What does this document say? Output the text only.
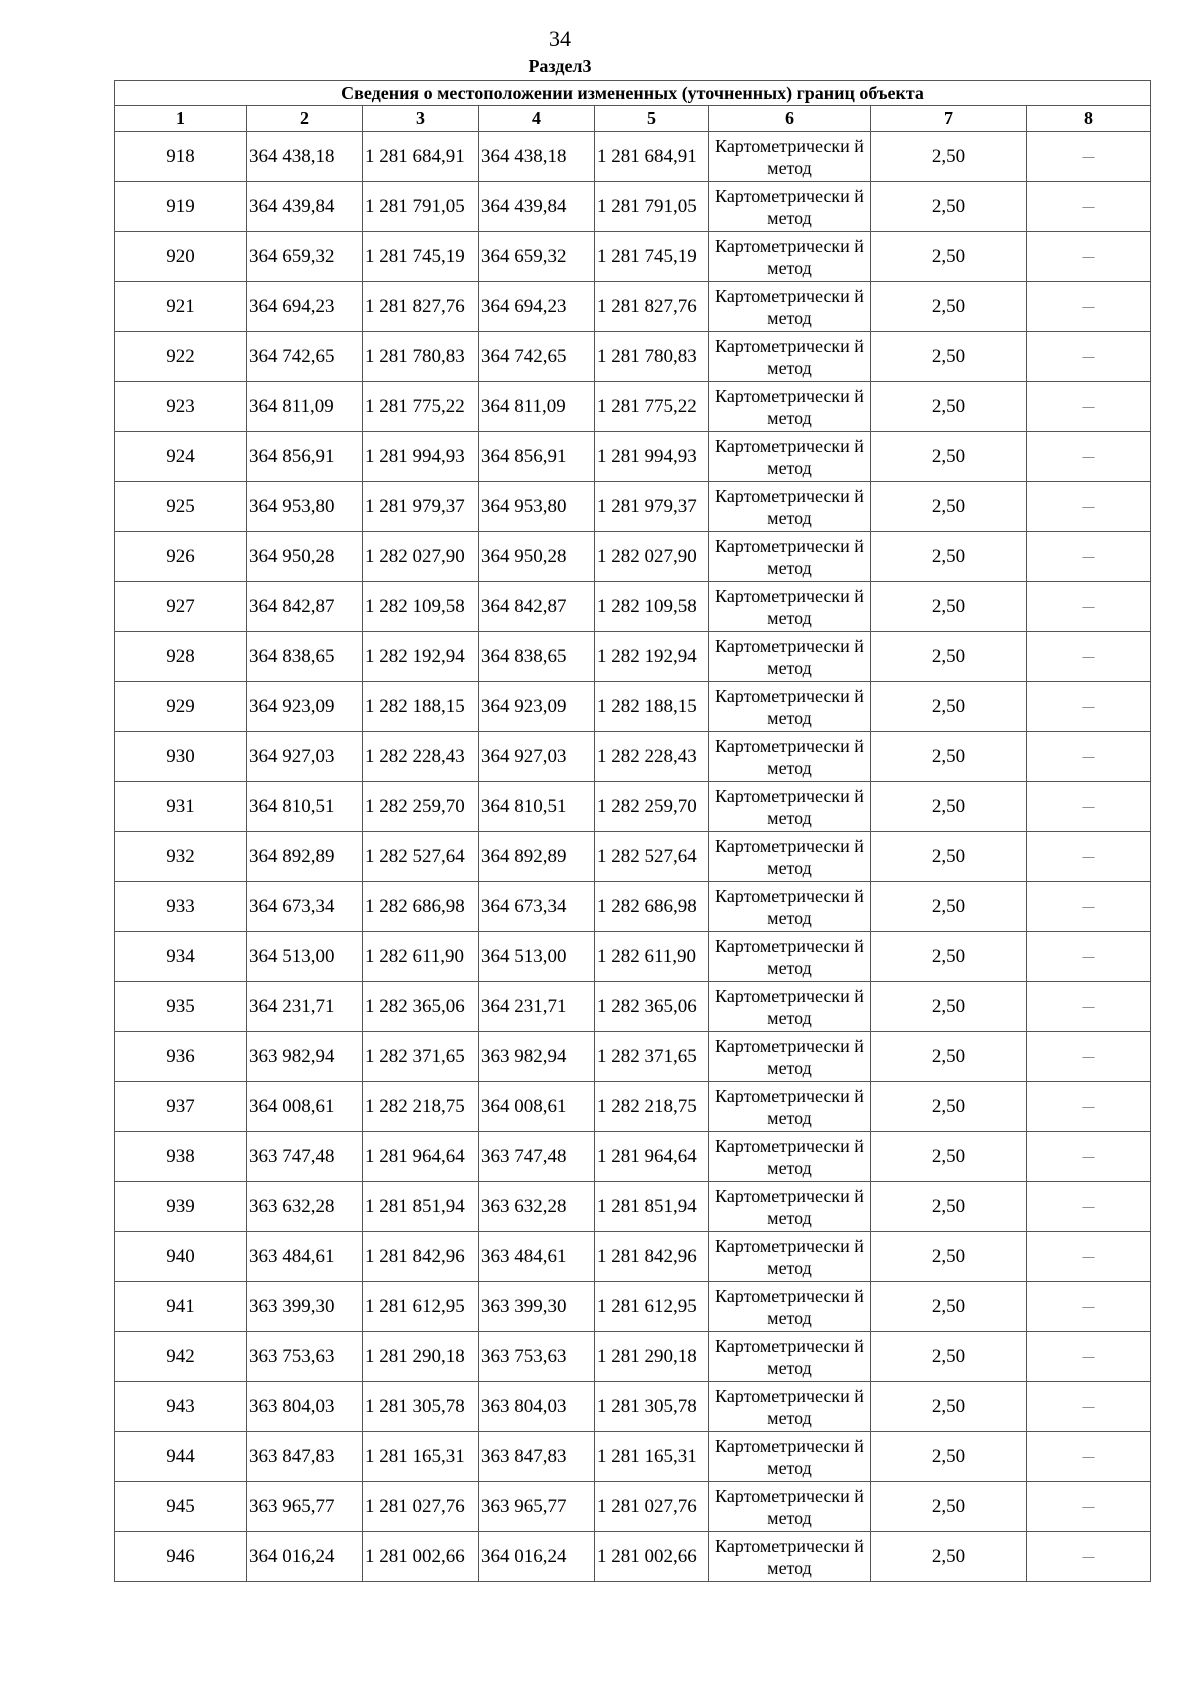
34
Раздел3
Сведения о местоположении измененных (уточненных) границ объекта							
1	2	3	4	5	6	7	8
918	364 438,18	1 281 684,91	364 438,18	1 281 684,91	Картометрически й метод	2,50	—
919	364 439,84	1 281 791,05	364 439,84	1 281 791,05	Картометрически й метод	2,50	—
920	364 659,32	1 281 745,19	364 659,32	1 281 745,19	Картометрически й метод	2,50	—
921	364 694,23	1 281 827,76	364 694,23	1 281 827,76	Картометрически й метод	2,50	—
922	364 742,65	1 281 780,83	364 742,65	1 281 780,83	Картометрически й метод	2,50	—
923	364 811,09	1 281 775,22	364 811,09	1 281 775,22	Картометрически й метод	2,50	—
924	364 856,91	1 281 994,93	364 856,91	1 281 994,93	Картометрически й метод	2,50	—
925	364 953,80	1 281 979,37	364 953,80	1 281 979,37	Картометрически й метод	2,50	—
926	364 950,28	1 282 027,90	364 950,28	1 282 027,90	Картометрически й метод	2,50	—
927	364 842,87	1 282 109,58	364 842,87	1 282 109,58	Картометрически й метод	2,50	—
928	364 838,65	1 282 192,94	364 838,65	1 282 192,94	Картометрически й метод	2,50	—
929	364 923,09	1 282 188,15	364 923,09	1 282 188,15	Картометрически й метод	2,50	—
930	364 927,03	1 282 228,43	364 927,03	1 282 228,43	Картометрически й метод	2,50	—
931	364 810,51	1 282 259,70	364 810,51	1 282 259,70	Картометрически й метод	2,50	—
932	364 892,89	1 282 527,64	364 892,89	1 282 527,64	Картометрически й метод	2,50	—
933	364 673,34	1 282 686,98	364 673,34	1 282 686,98	Картометрически й метод	2,50	—
934	364 513,00	1 282 611,90	364 513,00	1 282 611,90	Картометрически й метод	2,50	—
935	364 231,71	1 282 365,06	364 231,71	1 282 365,06	Картометрически й метод	2,50	—
936	363 982,94	1 282 371,65	363 982,94	1 282 371,65	Картометрически й метод	2,50	—
937	364 008,61	1 282 218,75	364 008,61	1 282 218,75	Картометрически й метод	2,50	—
938	363 747,48	1 281 964,64	363 747,48	1 281 964,64	Картометрически й метод	2,50	—
939	363 632,28	1 281 851,94	363 632,28	1 281 851,94	Картометрически й метод	2,50	—
940	363 484,61	1 281 842,96	363 484,61	1 281 842,96	Картометрически й метод	2,50	—
941	363 399,30	1 281 612,95	363 399,30	1 281 612,95	Картометрически й метод	2,50	—
942	363 753,63	1 281 290,18	363 753,63	1 281 290,18	Картометрически й метод	2,50	—
943	363 804,03	1 281 305,78	363 804,03	1 281 305,78	Картометрически й метод	2,50	—
944	363 847,83	1 281 165,31	363 847,83	1 281 165,31	Картометрически й метод	2,50	—
945	363 965,77	1 281 027,76	363 965,77	1 281 027,76	Картометрически й метод	2,50	—
946	364 016,24	1 281 002,66	364 016,24	1 281 002,66	Картометрически й метод	2,50	—
